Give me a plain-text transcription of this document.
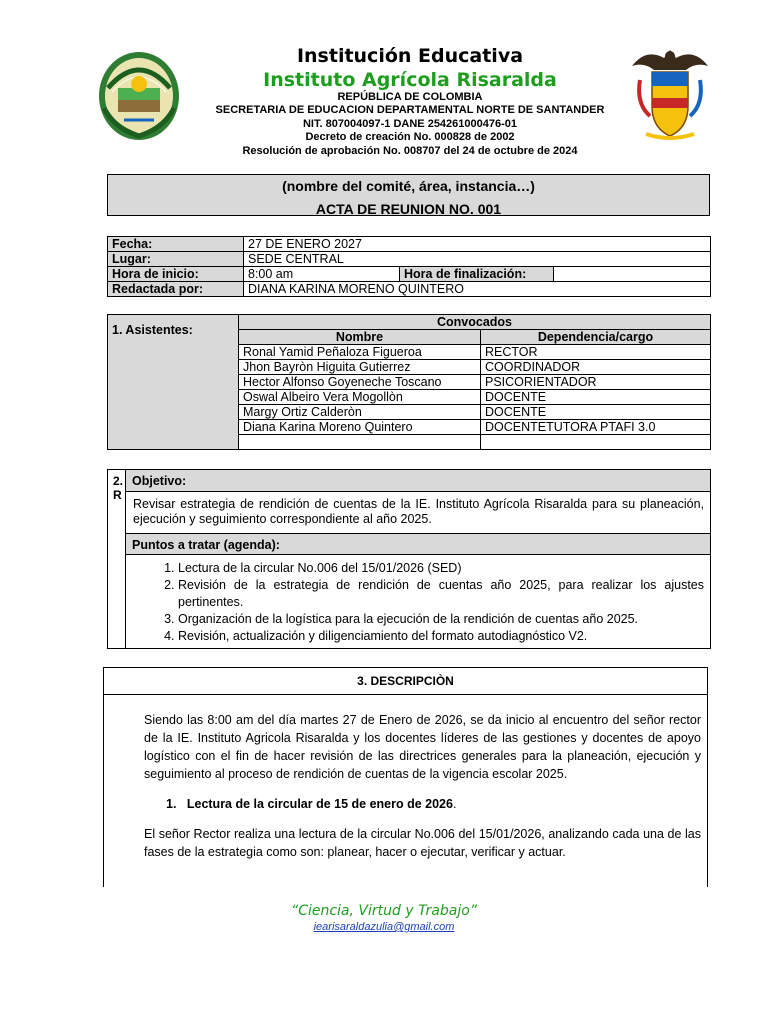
Institución Educativa
Instituto Agrícola Risaralda
REPÚBLICA DE COLOMBIA
SECRETARIA DE EDUCACION DEPARTAMENTAL NORTE DE SANTANDER
NIT. 807004097-1 DANE 254261000476-01
Decreto de creación No. 000828 de 2002
Resolución de aprobación No. 008707 del 24 de octubre de 2024
(nombre del comité, área, instancia…)
ACTA DE REUNION NO. 001
Fecha:	27 DE ENERO 2027		
Lugar:	SEDE CENTRAL		
Hora de inicio:	8:00 am	Hora de finalización:	
Redactada por:	DIANA KARINA MORENO QUINTERO		
1. Asistentes:	Convocados	
	Nombre	Dependencia/cargo
	Ronal Yamid Peñaloza Figueroa	RECTOR
	Jhon Bayròn Higuita Gutierrez	COORDINADOR
	Hector Alfonso Goyeneche Toscano	PSICORIENTADOR
	Oswal Albeiro Vera Mogollòn	DOCENTE
	Margy Ortiz Calderòn	DOCENTE
	Diana Karina Moreno Quintero	DOCENTETUTORA PTAFI 3.0

2.
R
Objetivo:
Revisar estrategia de rendición de cuentas de la IE. Instituto Agrícola Risaralda para su planeación, ejecución y seguimiento correspondiente al año 2025.
Puntos a tratar (agenda):
1. Lectura de la circular No.006 del 15/01/2026 (SED)
2. Revisión de la estrategia de rendición de cuentas año 2025, para realizar los ajustes pertinentes.
3. Organización de la logística para la ejecución de la rendición de cuentas año 2025.
4. Revisión, actualización y diligenciamiento del formato autodiagnóstico V2.
3. DESCRIPCIÒN
Siendo las 8:00 am del día martes 27 de Enero de 2026, se da inicio al encuentro del señor rector de la IE. Instituto Agricola Risaralda y los docentes líderes de las gestiones y docentes de apoyo logístico con el fin de hacer revisión de las directrices generales para la planeación, ejecución y seguimiento al proceso de rendición de cuentas de la vigencia escolar 2025.
1. Lectura de la circular de 15 de enero de 2026.
El señor Rector realiza una lectura de la circular No.006 del 15/01/2026, analizando cada una de las fases de la estrategia como son: planear, hacer o ejecutar, verificar y actuar.
“Ciencia, Virtud y Trabajo”
iearisaraldazulia@gmail.com
